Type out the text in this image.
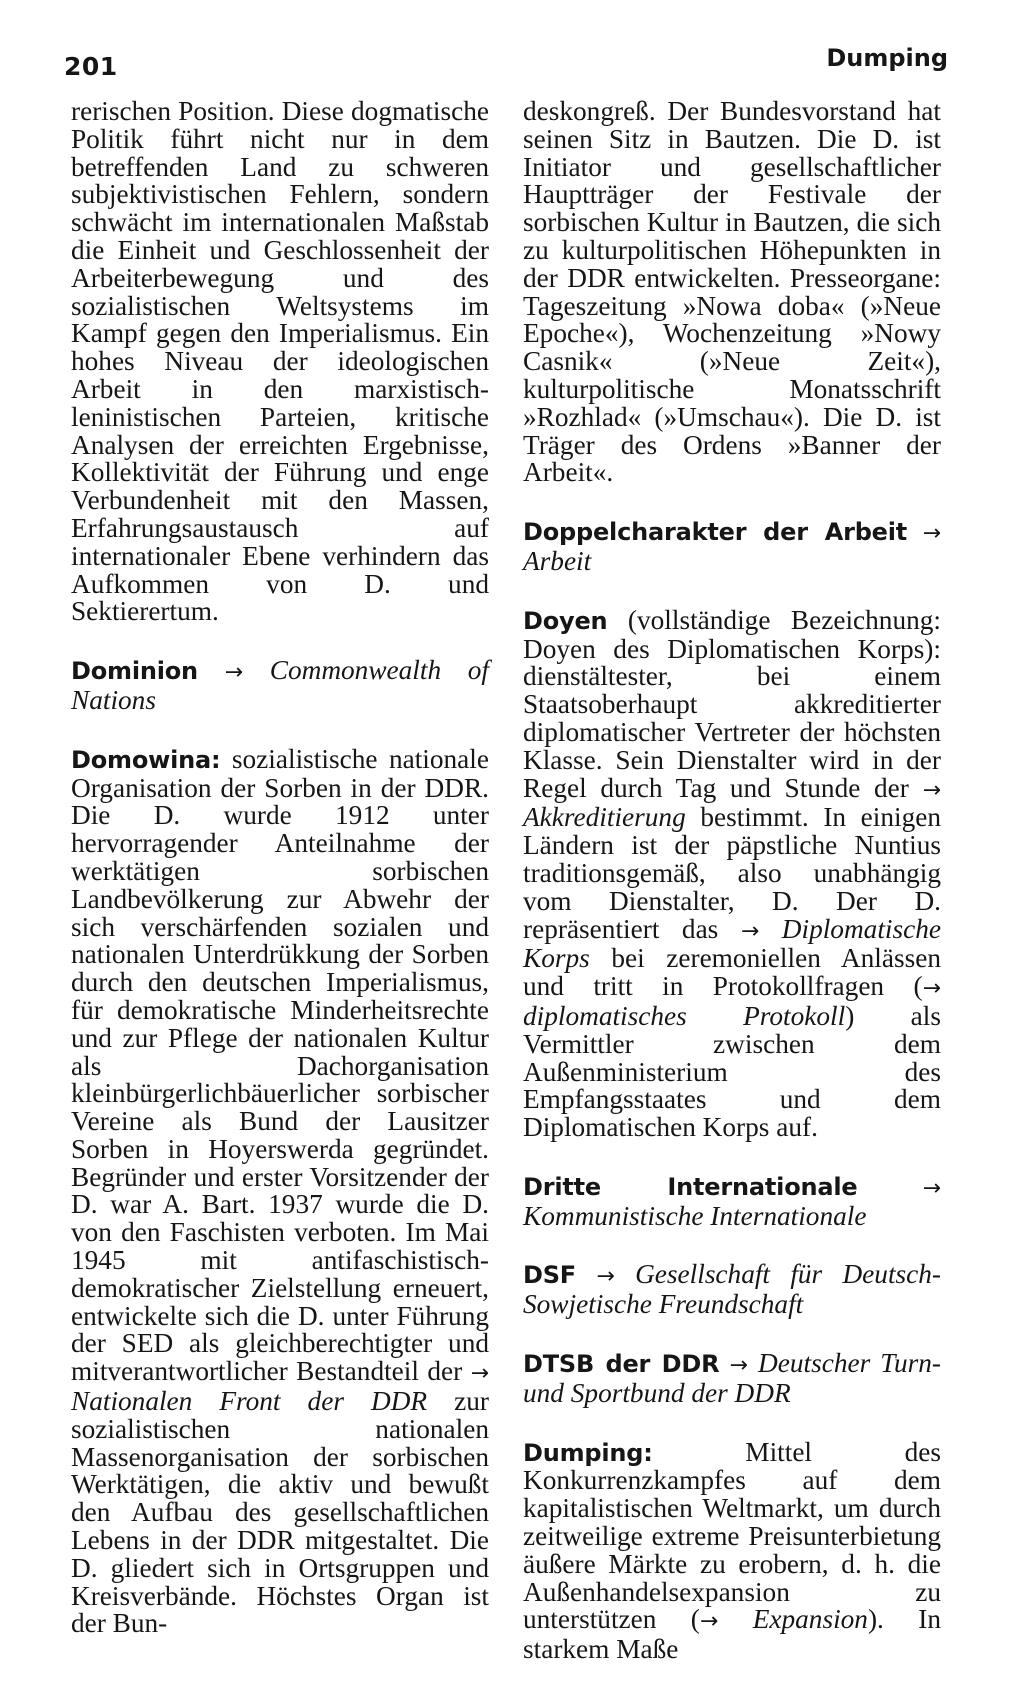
201	Dumping

rerischen Position. Diese dogmatische Politik führt nicht nur in dem betreffenden Land zu schweren subjektivistischen Fehlern, sondern schwächt im internationalen Maßstab die Einheit und Geschlossenheit der Arbeiterbewegung und des sozialistischen Weltsystems im Kampf gegen den Imperialismus. Ein hohes Niveau der ideologischen Arbeit in den marxistisch-leninistischen Parteien, kritische Analysen der erreichten Ergebnisse, Kollektivität der Führung und enge Verbundenheit mit den Massen, Erfahrungsaustausch auf internationaler Ebene verhindern das Aufkommen von D. und Sektierertum.

Dominion → Commonwealth of Nations

Domowina: sozialistische nationale Organisation der Sorben in der DDR. Die D. wurde 1912 unter hervorragender Anteilnahme der werktätigen sorbischen Landbevölkerung zur Abwehr der sich verschärfenden sozialen und nationalen Unterdrükkung der Sorben durch den deutschen Imperialismus, für demokratische Minderheitsrechte und zur Pflege der nationalen Kultur als Dachorganisation kleinbürgerlichbäuerlicher sorbischer Vereine als Bund der Lausitzer Sorben in Hoyerswerda gegründet. Begründer und erster Vorsitzender der D. war A. Bart. 1937 wurde die D. von den Faschisten verboten. Im Mai 1945 mit antifaschistisch-demokratischer Zielstellung erneuert, entwickelte sich die D. unter Führung der SED als gleichberechtigter und mitverantwortlicher Bestandteil der → Nationalen Front der DDR zur sozialistischen nationalen Massenorganisation der sorbischen Werktätigen, die aktiv und bewußt den Aufbau des gesellschaftlichen Lebens in der DDR mitgestaltet. Die D. gliedert sich in Ortsgruppen und Kreisverbände. Höchstes Organ ist der Bun-

deskongreß. Der Bundesvorstand hat seinen Sitz in Bautzen. Die D. ist Initiator und gesellschaftlicher Hauptträger der Festivale der sorbischen Kultur in Bautzen, die sich zu kulturpolitischen Höhepunkten in der DDR entwickelten. Presseorgane: Tageszeitung »Nowa doba« (»Neue Epoche«), Wochenzeitung »Nowy Casnik« (»Neue Zeit«), kulturpolitische Monatsschrift »Rozhlad« (»Umschau«). Die D. ist Träger des Ordens »Banner der Arbeit«.

Doppelcharakter der Arbeit → Arbeit

Doyen (vollständige Bezeichnung: Doyen des Diplomatischen Korps): dienstältester, bei einem Staatsoberhaupt akkreditierter diplomatischer Vertreter der höchsten Klasse. Sein Dienstalter wird in der Regel durch Tag und Stunde der → Akkreditierung bestimmt. In einigen Ländern ist der päpstliche Nuntius traditionsgemäß, also unabhängig vom Dienstalter, D. Der D. repräsentiert das → Diplomatische Korps bei zeremoniellen Anlässen und tritt in Protokollfragen (→ diplomatisches Protokoll) als Vermittler zwischen dem Außenministerium des Empfangsstaates und dem Diplomatischen Korps auf.

Dritte Internationale	→ Kommunistische Internationale

DSF → Gesellschaft für Deutsch-Sowjetische Freundschaft

DTSB der DDR → Deutscher Turn- und Sportbund der DDR

Dumping:	Mittel des Konkurrenzkampfes auf dem kapitalistischen Weltmarkt, um durch zeitweilige extreme Preisunterbietung äußere Märkte zu erobern, d. h. die Außenhandelsexpansion zu unterstützen (→ Expansion). In starkem Maße
